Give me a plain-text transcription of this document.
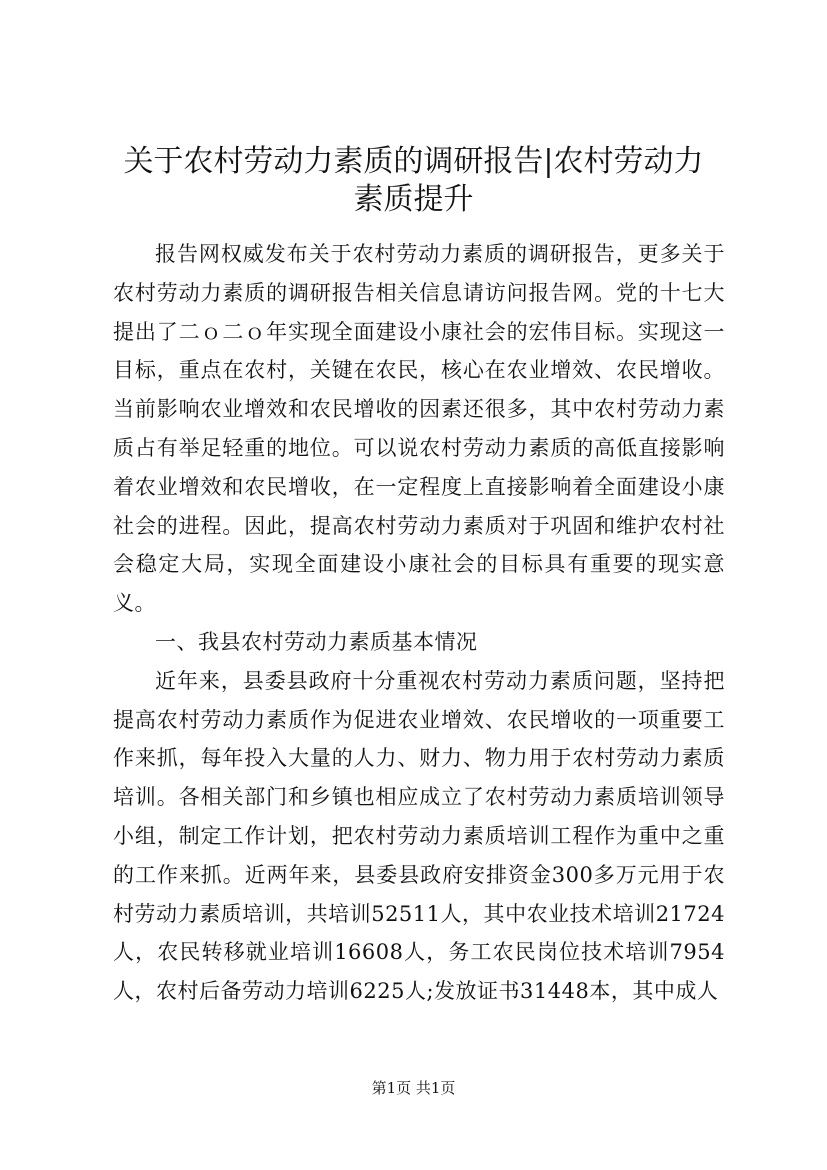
关于农村劳动力素质的调研报告|农村劳动力
素质提升

报告网权威发布关于农村劳动力素质的调研报告，更多关于农村劳动力素质的调研报告相关信息请访问报告网。党的十七大提出了二ｏ二ｏ年实现全面建设小康社会的宏伟目标。实现这一目标，重点在农村，关键在农民，核心在农业增效、农民增收。当前影响农业增效和农民增收的因素还很多，其中农村劳动力素质占有举足轻重的地位。可以说农村劳动力素质的高低直接影响着农业增效和农民增收，在一定程度上直接影响着全面建设小康社会的进程。因此，提高农村劳动力素质对于巩固和维护农村社会稳定大局，实现全面建设小康社会的目标具有重要的现实意义。

一、我县农村劳动力素质基本情况

近年来，县委县政府十分重视农村劳动力素质问题，坚持把提高农村劳动力素质作为促进农业增效、农民增收的一项重要工作来抓，每年投入大量的人力、财力、物力用于农村劳动力素质培训。各相关部门和乡镇也相应成立了农村劳动力素质培训领导小组，制定工作计划，把农村劳动力素质培训工程作为重中之重的工作来抓。近两年来，县委县政府安排资金300多万元用于农村劳动力素质培训，共培训52511人，其中农业技术培训21724人，农民转移就业培训16608人，务工农民岗位技术培训7954人，农村后备劳动力培训6225人;发放证书31448本，其中成人

第1页 共1页
